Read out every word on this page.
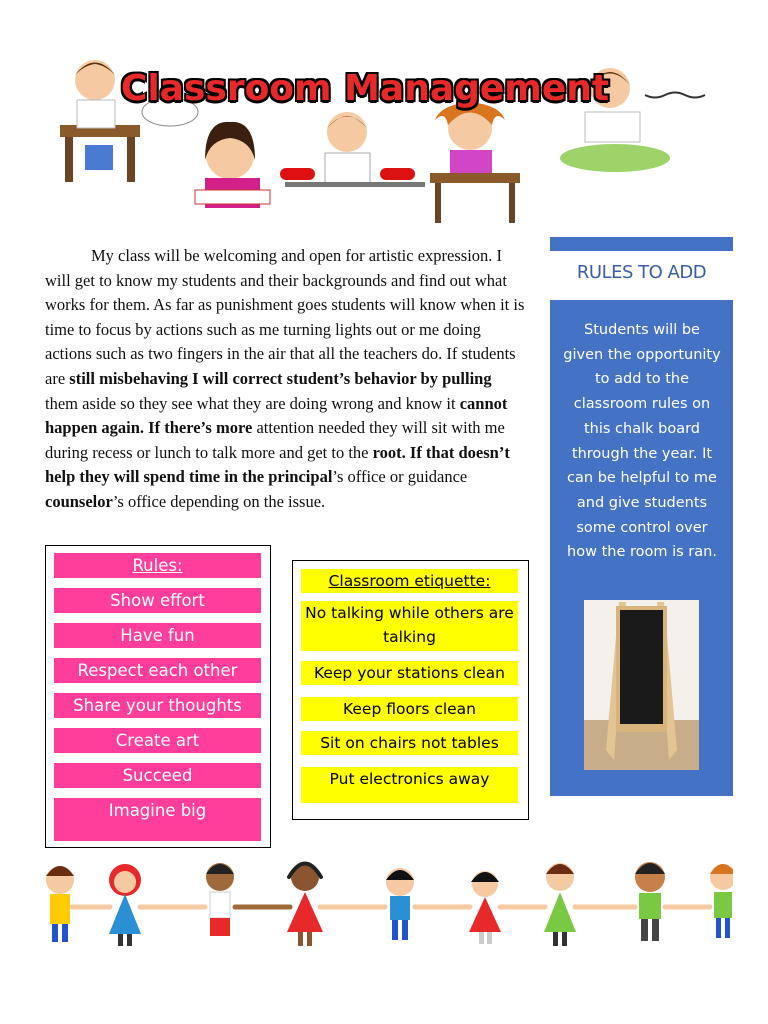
Classroom Management

My class will be welcoming and open for artistic expression. I will get to know my students and their backgrounds and find out what works for them. As far as punishment goes students will know when it is time to focus by actions such as me turning lights out or me doing actions such as two fingers in the air that all the teachers do. If students are still misbehaving I will correct student’s behavior by pulling them aside so they see what they are doing wrong and know it cannot happen again. If there’s more attention needed they will sit with me during recess or lunch to talk more and get to the root. If that doesn’t help they will spend time in the principal’s office or guidance counselor’s office depending on the issue.

Rules:
Show effort
Have fun
Respect each other
Share your thoughts
Create art
Succeed
Imagine big
Classroom etiquette:
No talking while others are talking
Keep your stations clean
Keep floors clean
Sit on chairs not tables
Put electronics away
RULES TO ADD
Students will be given the opportunity to add to the classroom rules on this chalk board through the year. It can be helpful to me and give students some control over how the room is ran.
